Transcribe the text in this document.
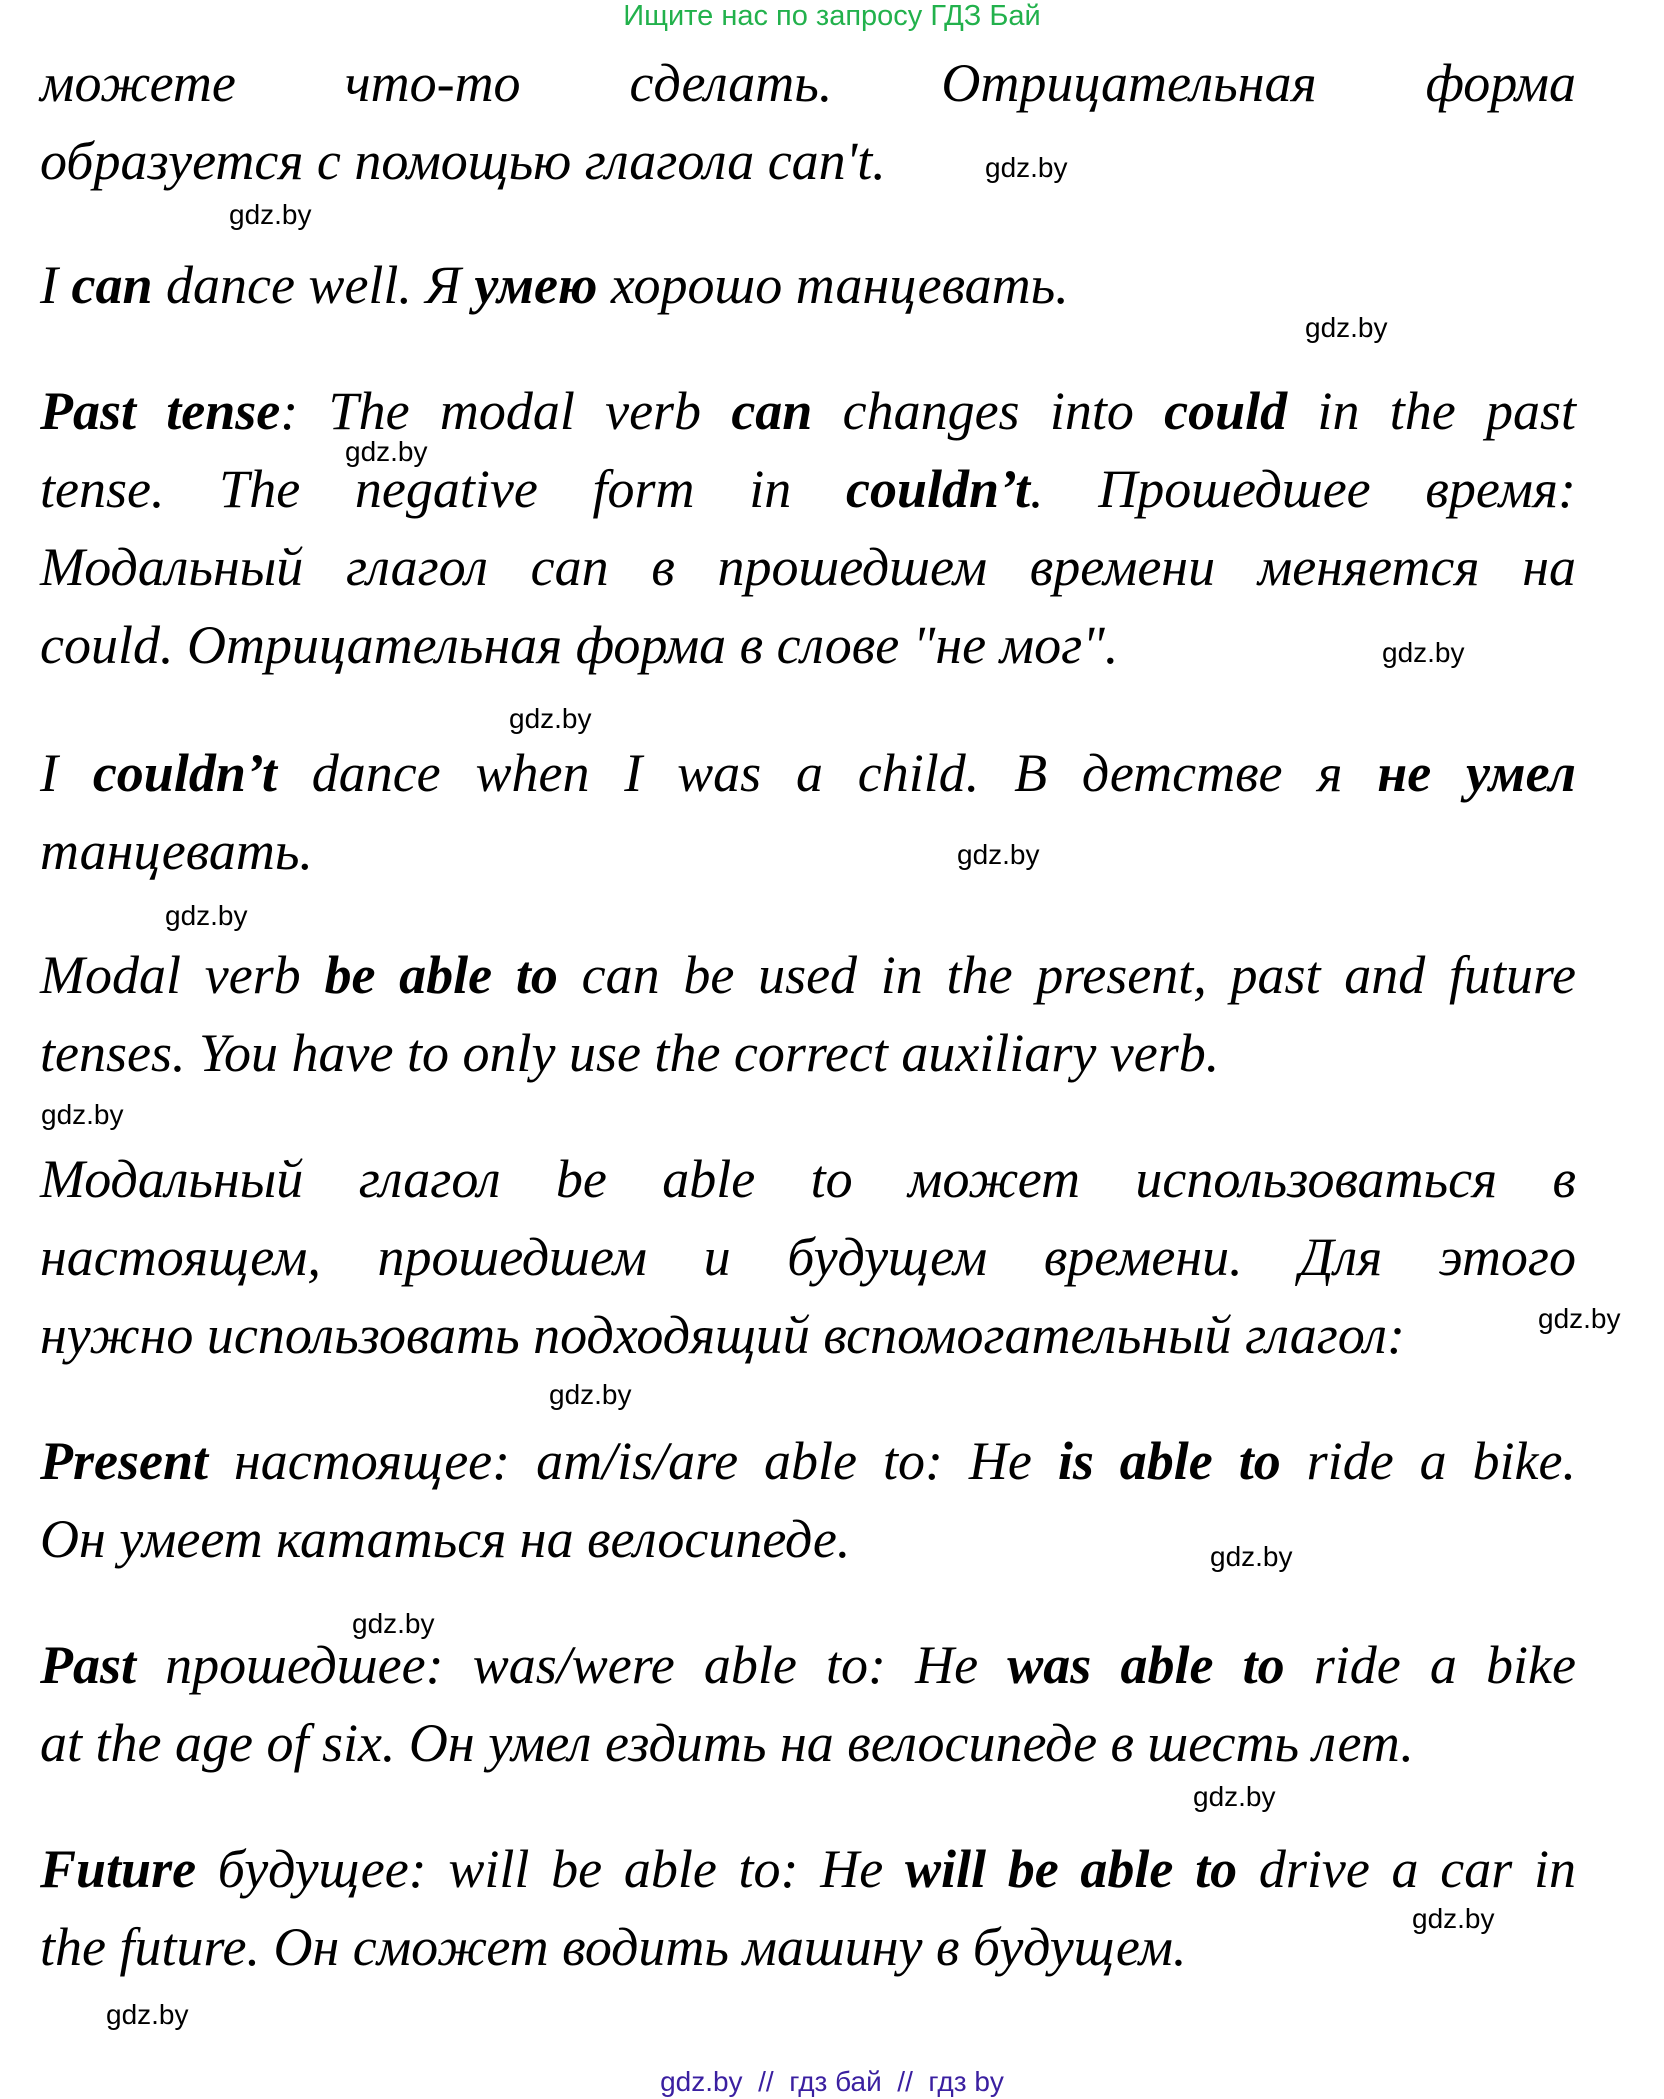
Ищите нас по запросу ГДЗ Бай
можете что-то сделать. Отрицательная форма
образуется с помощью глагола can't.
I can dance well. Я умею хорошо танцевать.
Past tense: The modal verb can changes into could in the past
tense. The negative form in couldn’t. Прошедшее время:
Модальный глагол can в прошедшем времени меняется на
could. Отрицательная форма в слове "не мог".
I couldn’t dance when I was a child. В детстве я не умел
танцевать.
Modal verb be able to can be used in the present, past and future
tenses. You have to only use the correct auxiliary verb.
Модальный глагол be able to может использоваться в
настоящем, прошедшем и будущем времени. Для этого
нужно использовать подходящий вспомогательный глагол:
Present настоящее: am/is/are able to: He is able to ride a bike.
Он умеет кататься на велосипеде.
Past прошедшее: was/were able to: He was able to ride a bike
at the age of six. Он умел ездить на велосипеде в шесть лет.
Future будущее: will be able to: He will be able to drive a car in
the future. Он сможет водить машину в будущем.
gdz.by
gdz.by
gdz.by
gdz.by
gdz.by
gdz.by
gdz.by
gdz.by
gdz.by
gdz.by
gdz.by
gdz.by
gdz.by
gdz.by
gdz.by
gdz.by
gdz.by  //  гдз бай  //  гдз by
